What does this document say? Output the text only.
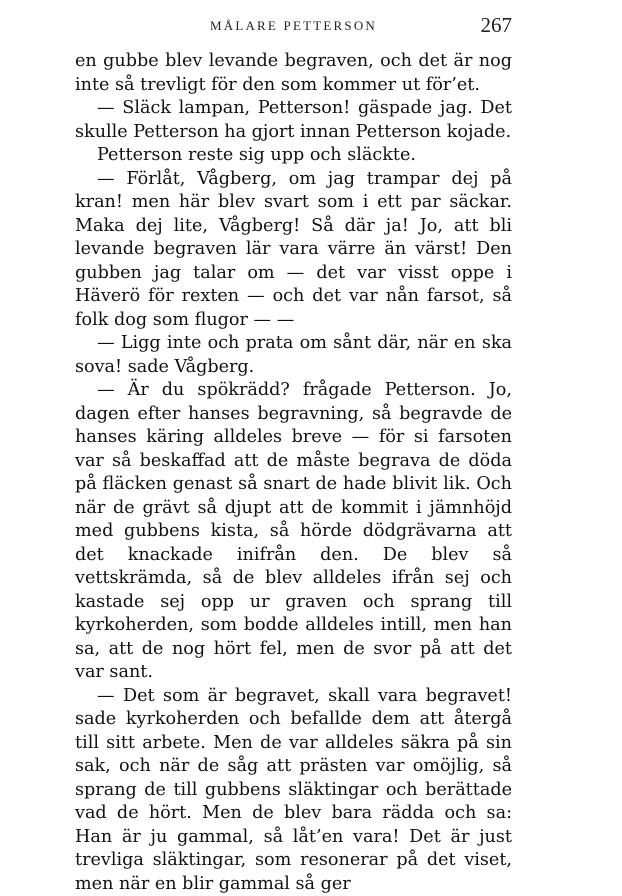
MÅLARE PETTERSON	267

en gubbe blev levande begraven, och det är nog inte så trevligt för den som kommer ut för’et.

— Släck lampan, Petterson! gäspade jag. Det skulle Petterson ha gjort innan Petterson kojade.

Petterson reste sig upp och släckte.

— Förlåt, Vågberg, om jag trampar dej på kran! men här blev svart som i ett par säckar. Maka dej lite, Vågberg! Så där ja! Jo, att bli levande begraven lär vara värre än värst! Den gubben jag talar om — det var visst oppe i Häverö för rexten — och det var nån farsot, så folk dog som flugor — —

— Ligg inte och prata om sånt där, när en ska sova! sade Vågberg.

— Är du spökrädd? frågade Petterson. Jo, dagen efter hanses begravning, så begravde de hanses käring alldeles breve — för si farsoten var så beskaffad att de måste begrava de döda på fläcken genast så snart de hade blivit lik. Och när de grävt så djupt att de kommit i jämnhöjd med gubbens kista, så hörde dödgrävarna att det knackade inifrån den. De blev så vettskrämda, så de blev alldeles ifrån sej och kastade sej opp ur graven och sprang till kyrkoherden, som bodde alldeles intill, men han sa, att de nog hört fel, men de svor på att det var sant.

— Det som är begravet, skall vara begravet! sade kyrkoherden och befallde dem att återgå till sitt arbete. Men de var alldeles säkra på sin sak, och när de såg att prästen var omöjlig, så sprang de till gubbens släktingar och berättade vad de hört. Men de blev bara rädda och sa: Han är ju gammal, så låt’en vara! Det är just trevliga släktingar, som resonerar på det viset, men när en blir gammal så ger
